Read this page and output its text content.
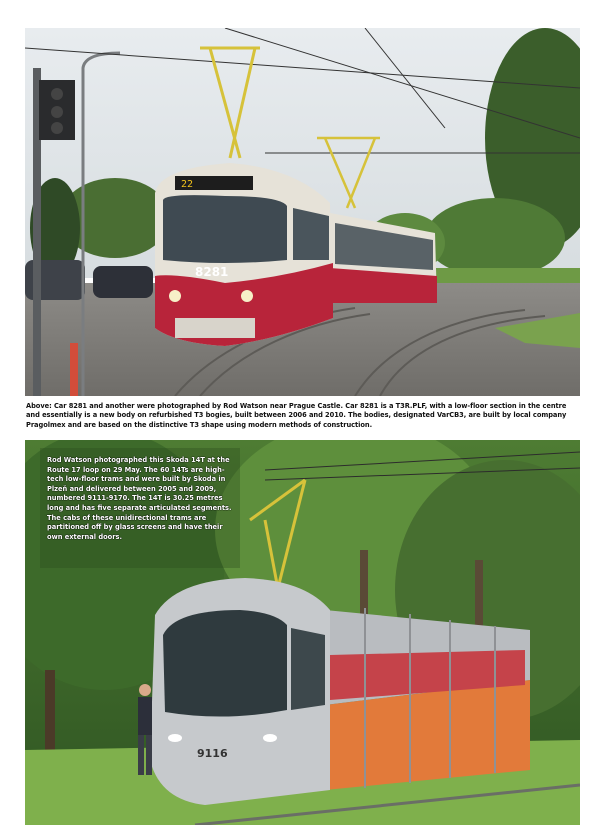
22
8281
Above: Car 8281 and another were photographed by Rod Watson near Prague Castle. Car 8281 is a T3R.PLF, with a low-floor section in the centre and essentially is a new body on refurbished T3 bogies, built between 2006 and 2010. The bodies, designated VarCB3, are built by local company Pragolmex and are based on the distinctive T3 shape using modern methods of construction.
9116
Rod Watson photographed this Skoda 14T at the Route 17 loop on 29 May. The 60 14Ts are high-tech low-floor trams and were built by Skoda in Plzeň and delivered between 2005 and 2009, numbered 9111-9170. The 14T is 30.25 metres long and has five separate articulated segments. The cabs of these unidirectional trams are partitioned off by glass screens and have their own external doors.
